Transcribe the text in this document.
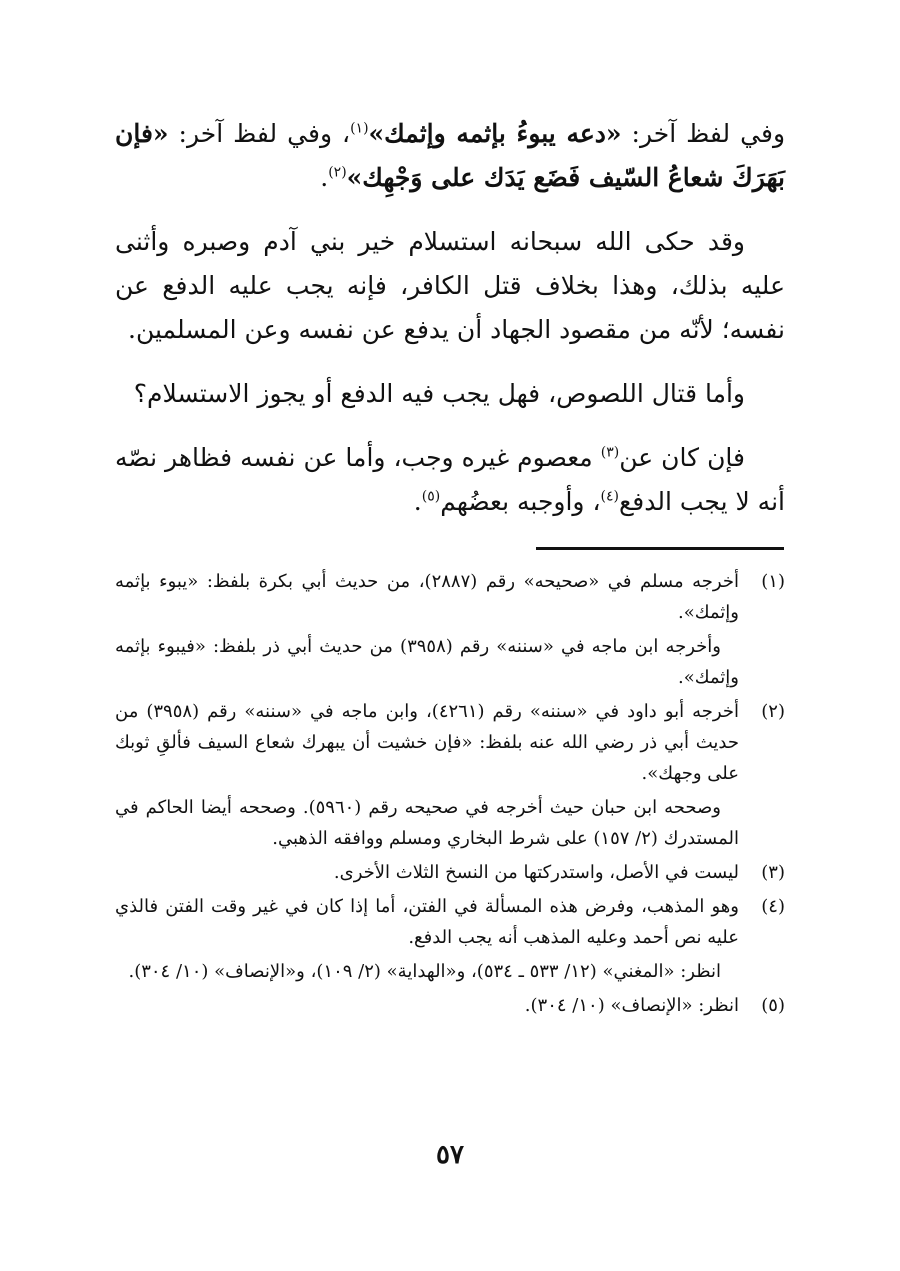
وفي لفظ آخر: «دعه يبوءُ بإثمه وإثمك»$^{(١)}$، وفي لفظ آخر: «فإن بَهَرَكَ شعاعُ السّيف فَضَع يَدَك على وَجْهِك»$^{(٢)}$.

وقد حكى الله سبحانه استسلام خير بني آدم وصبره وأثنى عليه بذلك، وهذا بخلاف قتل الكافر، فإنه يجب عليه الدفع عن نفسه؛ لأنّه من مقصود الجهاد أن يدفع عن نفسه وعن المسلمين.

وأما قتال اللصوص، فهل يجب فيه الدفع أو يجوز الاستسلام؟

فإن كان عن$^{(٣)}$ معصوم غيره وجب، وأما عن نفسه فظاهر نصّه أنه لا يجب الدفع$^{(٤)}$، وأوجبه بعضُهم$^{(٥)}$.

(١)

أخرجه مسلم في «صحيحه» رقم (٢٨٨٧)، من حديث أبي بكرة بلفظ: «يبوء بإثمه وإثمك».

وأخرجه ابن ماجه في «سننه» رقم (٣٩٥٨) من حديث أبي ذر بلفظ: «فيبوء بإثمه وإثمك».

(٢)

أخرجه أبو داود في «سننه» رقم (٤٢٦١)، وابن ماجه في «سننه» رقم (٣٩٥٨) من حديث أبي ذر رضي الله عنه بلفظ: «فإن خشيت أن يبهرك شعاع السيف فألقِ ثوبك على وجهك».

وصححه ابن حبان حيث أخرجه في صحيحه رقم (٥٩٦٠). وصححه أيضا الحاكم في المستدرك (٢/ ١٥٧) على شرط البخاري ومسلم ووافقه الذهبي.

(٣)

ليست في الأصل، واستدركتها من النسخ الثلاث الأخرى.

(٤)

وهو المذهب، وفرض هذه المسألة في الفتن، أما إذا كان في غير وقت الفتن فالذي عليه نص أحمد وعليه المذهب أنه يجب الدفع.

انظر: «المغني» (١٢/ ٥٣٣ ـ ٥٣٤)، و«الهداية» (٢/ ١٠٩)، و«الإنصاف» (١٠/ ٣٠٤).

(٥)

انظر: «الإنصاف» (١٠/ ٣٠٤).

٥٧
